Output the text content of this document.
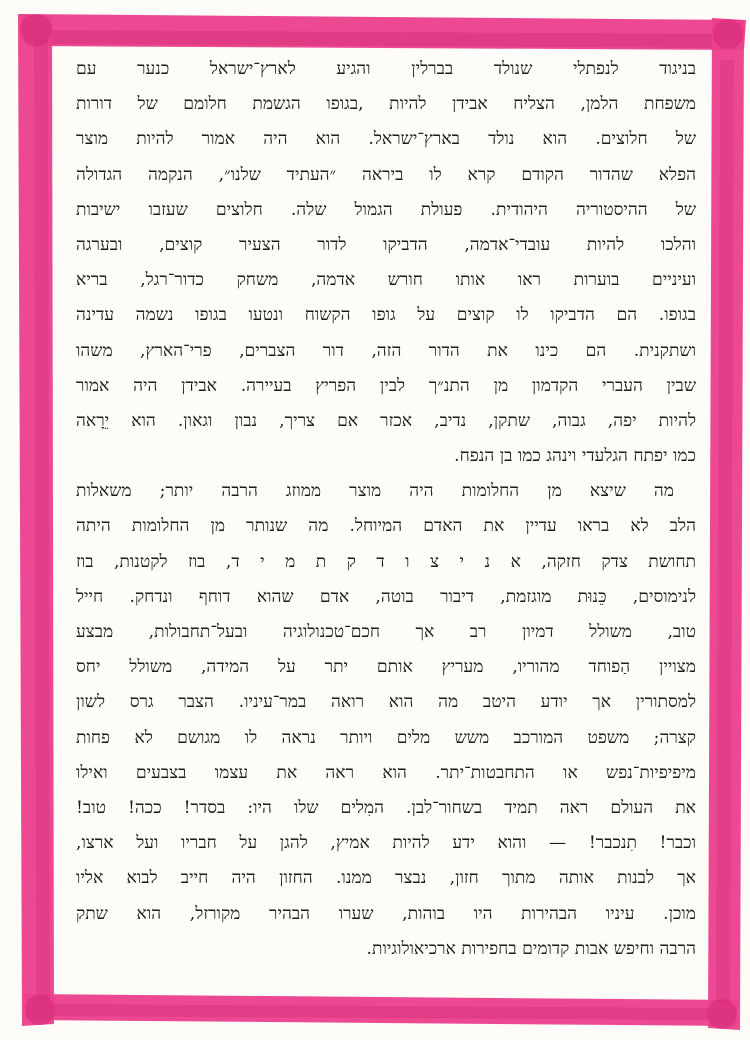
בניגוד לנפתלי שנולד בברלין והגיע לארץ־ישראל כנער עם
משפחת הלמן, הצליח אבידן להיות ,בגופו הגשמת חלומם של דורות
של חלוצים. הוא נולד בארץ־ישראל. הוא היה אמור להיות מוצר
הפלא שהדור הקודם קרא לו ביראה ״העתיד שלנו״, הנקמה הגדולה
של ההיסטוריה היהודית. פעולת הגמול שלה. חלוצים שעזבו ישיבות
והלכו להיות עובדי־אדמה, הדביקו לדור הצעיר קוצים, ובערגה
ועיניים בוערות ראו אותו חורש אדמה, משחק כדור־רגל, בריא
בגופו. הם הדביקו לו קוצים על גופו הקשוח ונטעו בגופו נשמה עדינה
ושתקנית. הם כינו את הדור הזה, דור הצברים, פרי־הארץ, משהו
שבין העברי הקדמון מן התנ״ך לבין הפריץ בעיירה. אבידן היה אמור
להיות יפה, גבוה, שתקן, נדיב, אכזר אם צריך, נבון וגאון. הוא יֵרָאה
כמו יפתח הגלעדי וינהג כמו בן הנפח.
מה שיצא מן החלומות היה מוצר ממוזג הרבה יותר; משאלות
הלב לא בראו עדיין את האדם המיוחל. מה שנותר מן החלומות היתה
תחושת צדק חזקה, א נ י צ ו ד ק ת מ י ד, בוז לקטנות, בוז
לנימוסים, כֵּנוּת מוגזמת, דיבור בוטה, אדם שהוא דוחף ונדחק. חייל
טוב, משולל דמיון רב אך חכם־טכנולוגיה ובעל־תחבולות, מבצע
מצויין הַפוחד מהוריו, מעריץ אותם יתר על המידה, משולל יחס
למסתורין אך יודע היטב מה הוא רואה במר־עיניו. הצבר גרס לשון
קצרה; משפט המורכב משש מלים ויותר נראה לו מגושם לא פחות
מיפיפיות־נפש או התחבטות־יתר. הוא ראה את עצמו בצבעים ואילו
את העולם ראה תמיד בשחור־לבן. המִלים שלו היו: בסדר! ככה! טוב!
וכבר! תִנכבר! — והוא ידע להיות אמיץ, להגן על חבריו ועל ארצו,
אך לבנות אותה מתוך חזון, נבצר ממנו. החזון היה חייב לבוא אליו
מוכן. עיניו הבהירות היו בוהות, שערו הבהיר מקורזל, הוא שתק
הרבה וחיפש אבות קדומים בחפירות ארכיאולוגיות.
